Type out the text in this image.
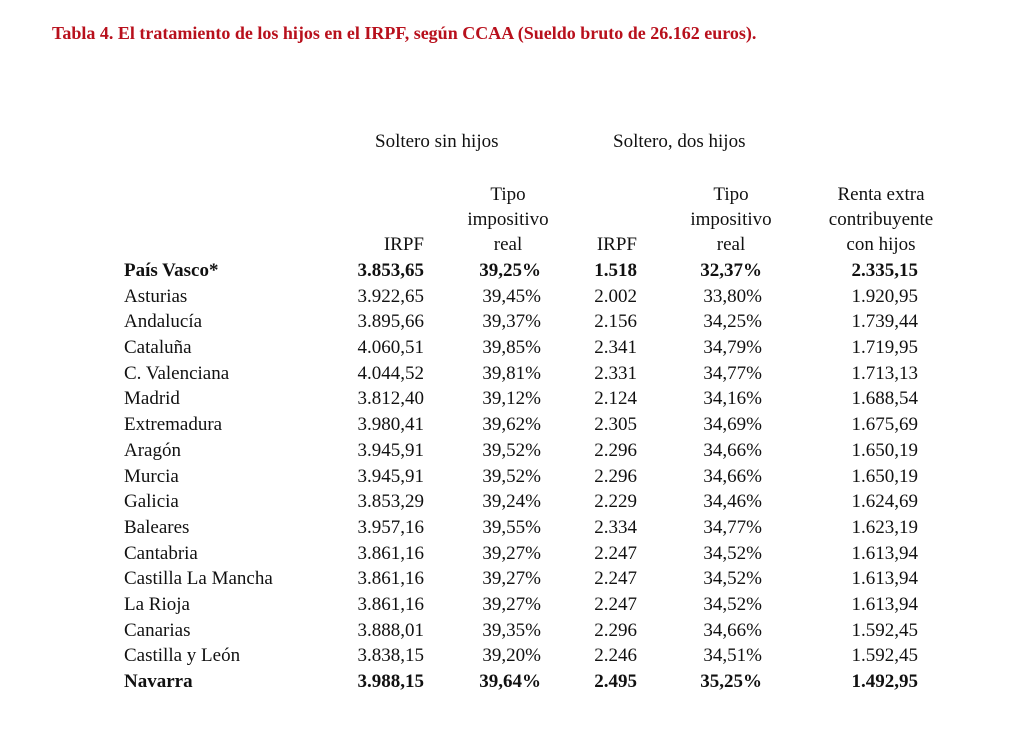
Tabla 4. El tratamiento de los hijos en el IRPF, según CCAA (Sueldo bruto de 26.162 euros).
Soltero sin hijos	Soltero, dos hijos
IRPF
Tipo
impositivo
real	IRPF
Tipo
impositivo
real
Renta extra
contribuyente
con hijos
País Vasco*	3.853,65	39,25%	1.518	32,37%	2.335,15
Asturias	3.922,65	39,45%	2.002	33,80%	1.920,95
Andalucía	3.895,66	39,37%	2.156	34,25%	1.739,44
Cataluña	4.060,51	39,85%	2.341	34,79%	1.719,95
C. Valenciana	4.044,52	39,81%	2.331	34,77%	1.713,13
Madrid	3.812,40	39,12%	2.124	34,16%	1.688,54
Extremadura	3.980,41	39,62%	2.305	34,69%	1.675,69
Aragón	3.945,91	39,52%	2.296	34,66%	1.650,19
Murcia	3.945,91	39,52%	2.296	34,66%	1.650,19
Galicia	3.853,29	39,24%	2.229	34,46%	1.624,69
Baleares	3.957,16	39,55%	2.334	34,77%	1.623,19
Cantabria	3.861,16	39,27%	2.247	34,52%	1.613,94
Castilla La Mancha	3.861,16	39,27%	2.247	34,52%	1.613,94
La Rioja	3.861,16	39,27%	2.247	34,52%	1.613,94
Canarias	3.888,01	39,35%	2.296	34,66%	1.592,45
Castilla y León	3.838,15	39,20%	2.246	34,51%	1.592,45
Navarra	3.988,15	39,64%	2.495	35,25%	1.492,95
